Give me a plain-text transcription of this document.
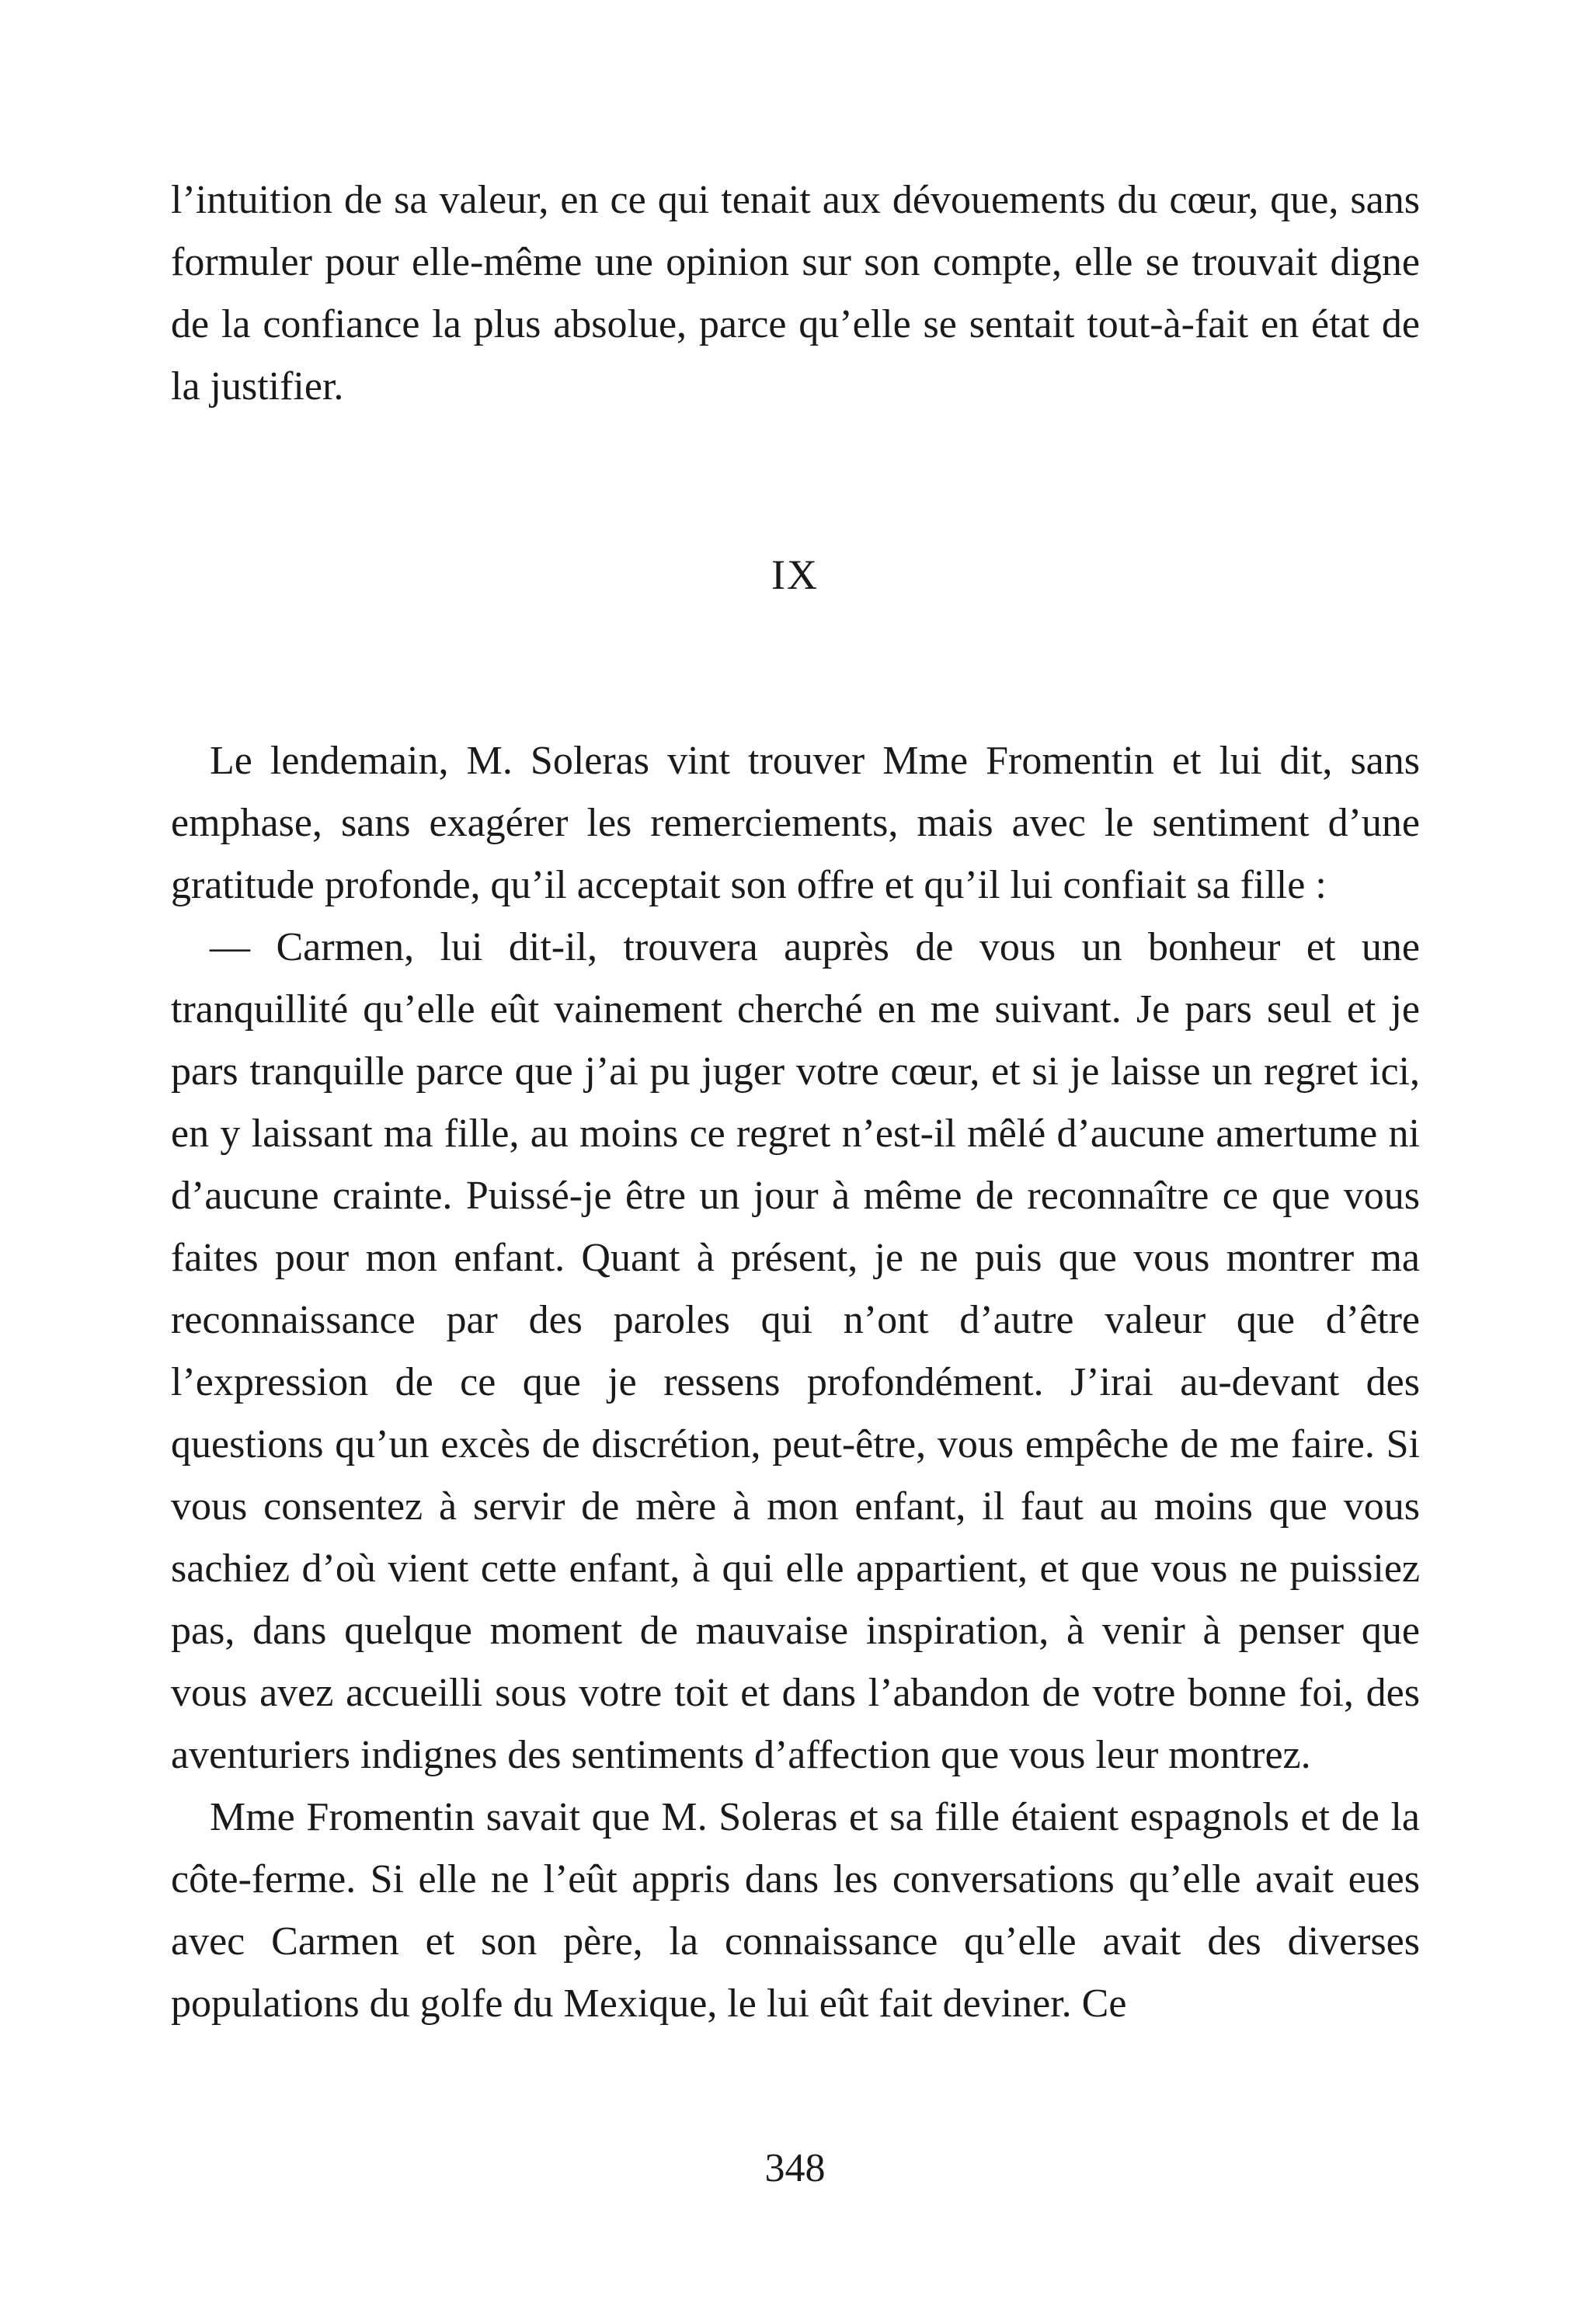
l’intuition de sa valeur, en ce qui tenait aux dévouements du cœur, que, sans formuler pour elle-même une opinion sur son compte, elle se trouvait digne de la confiance la plus absolue, parce qu’elle se sentait tout-à-fait en état de la justifier.

IX

Le lendemain, M. Soleras vint trouver Mme Fromentin et lui dit, sans emphase, sans exagérer les remerciements, mais avec le sentiment d’une gratitude profonde, qu’il acceptait son offre et qu’il lui confiait sa fille :

— Carmen, lui dit-il, trouvera auprès de vous un bonheur et une tranquillité qu’elle eût vainement cherché en me suivant. Je pars seul et je pars tranquille parce que j’ai pu juger votre cœur, et si je laisse un regret ici, en y laissant ma fille, au moins ce regret n’est-il mêlé d’aucune amertume ni d’aucune crainte. Puissé-je être un jour à même de reconnaître ce que vous faites pour mon enfant. Quant à présent, je ne puis que vous montrer ma reconnaissance par des paroles qui n’ont d’autre valeur que d’être l’expression de ce que je ressens profondément. J’irai au-devant des questions qu’un excès de discrétion, peut-être, vous empêche de me faire. Si vous consentez à servir de mère à mon enfant, il faut au moins que vous sachiez d’où vient cette enfant, à qui elle appartient, et que vous ne puissiez pas, dans quelque moment de mauvaise inspiration, à venir à penser que vous avez accueilli sous votre toit et dans l’abandon de votre bonne foi, des aventuriers indignes des sentiments d’affection que vous leur montrez.

Mme Fromentin savait que M. Soleras et sa fille étaient espagnols et de la côte-ferme. Si elle ne l’eût appris dans les conversations qu’elle avait eues avec Carmen et son père, la connaissance qu’elle avait des diverses populations du golfe du Mexique, le lui eût fait deviner. Ce

348
